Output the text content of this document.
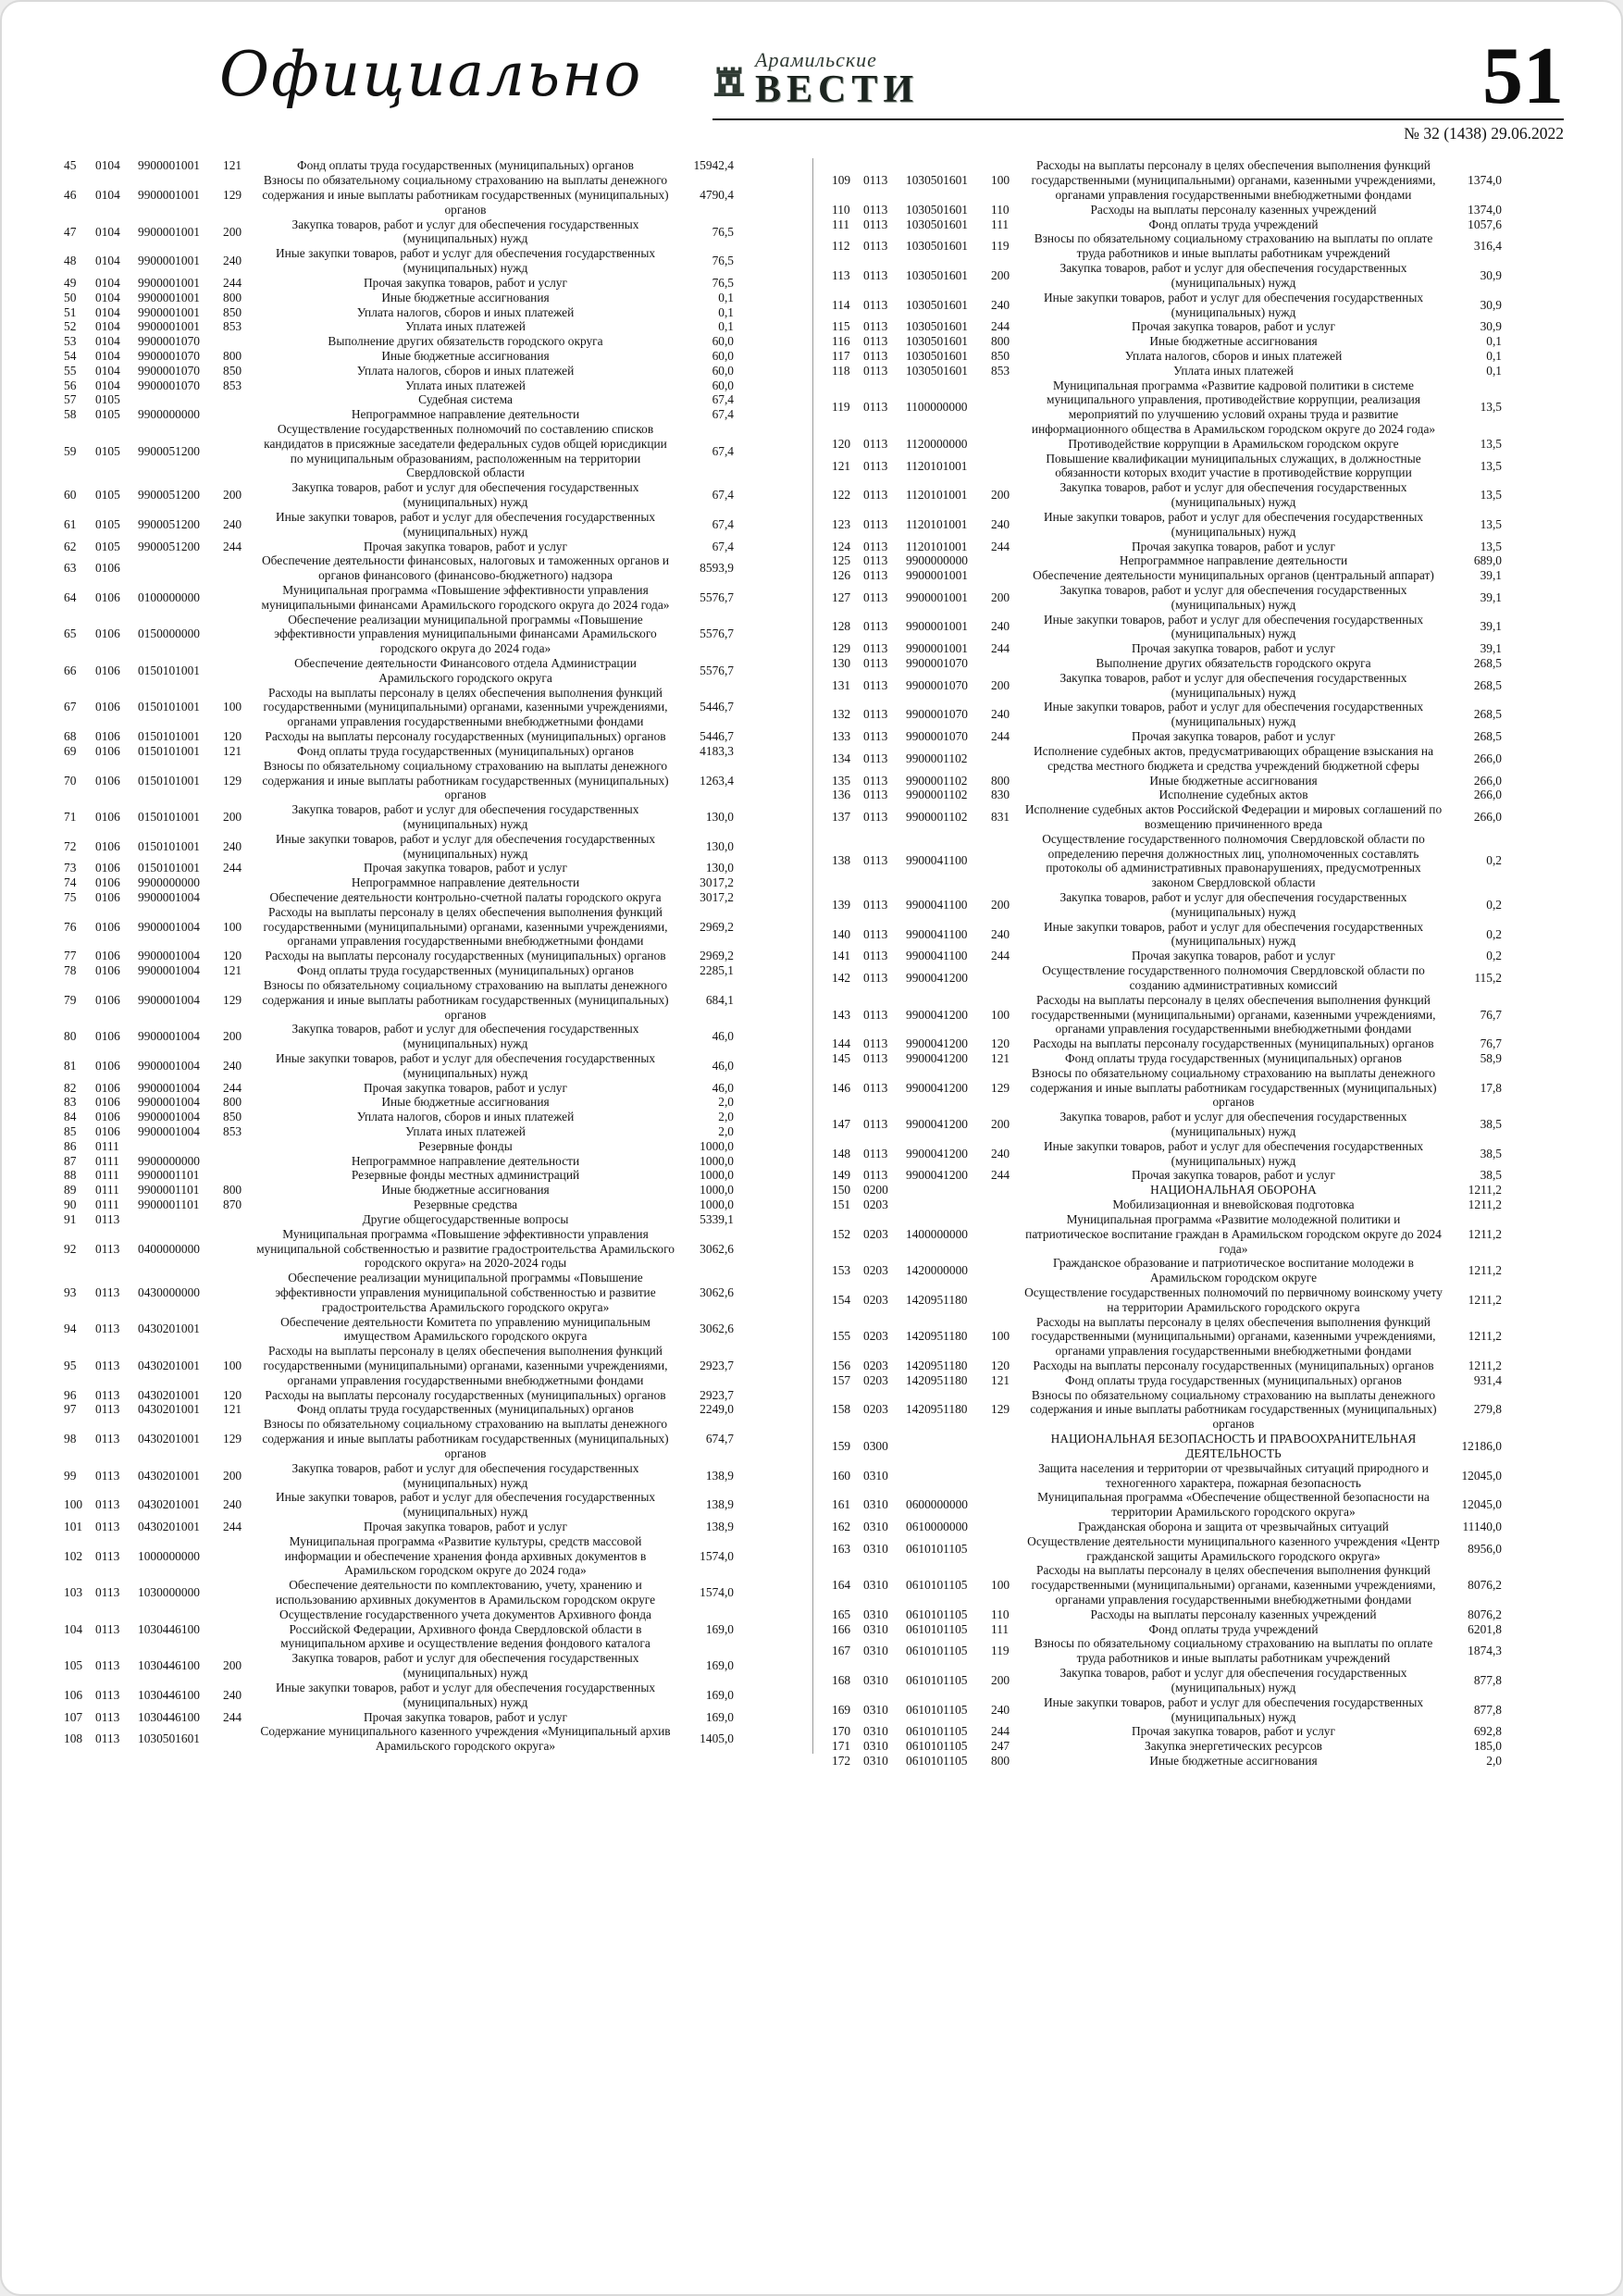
Официально	Арамильские
ВЕСТИ	51
№ 32 (1438) 29.06.2022
45	0104	9900001001	121	Фонд оплаты труда государственных (муниципальных) органов	15942,4
46	0104	9900001001	129	Взносы по обязательному социальному страхованию на выплаты денежного содержания и иные выплаты работникам государственных (муниципальных) органов	4790,4
47	0104	9900001001	200	Закупка товаров, работ и услуг для обеспечения государственных (муниципальных) нужд	76,5
48	0104	9900001001	240	Иные закупки товаров, работ и услуг для обеспечения государственных (муниципальных) нужд	76,5
49	0104	9900001001	244	Прочая закупка товаров, работ и услуг	76,5
50	0104	9900001001	800	Иные бюджетные ассигнования	0,1
51	0104	9900001001	850	Уплата налогов, сборов и иных платежей	0,1
52	0104	9900001001	853	Уплата иных платежей	0,1
53	0104	9900001070		Выполнение других обязательств городского округа	60,0
54	0104	9900001070	800	Иные бюджетные ассигнования	60,0
55	0104	9900001070	850	Уплата налогов, сборов и иных платежей	60,0
56	0104	9900001070	853	Уплата иных платежей	60,0
57	0105			Судебная система	67,4
58	0105	9900000000		Непрограммное направление деятельности	67,4
59	0105	9900051200		Осуществление государственных полномочий по составлению списков кандидатов в присяжные заседатели федеральных судов общей юрисдикции по муниципальным образованиям, расположенным на территории Свердловской области	67,4
60	0105	9900051200	200	Закупка товаров, работ и услуг для обеспечения государственных (муниципальных) нужд	67,4
61	0105	9900051200	240	Иные закупки товаров, работ и услуг для обеспечения государственных (муниципальных) нужд	67,4
62	0105	9900051200	244	Прочая закупка товаров, работ и услуг	67,4
63	0106			Обеспечение деятельности финансовых, налоговых и таможенных органов и органов финансового (финансово-бюджетного) надзора	8593,9
64	0106	0100000000		Муниципальная программа «Повышение эффективности управления муниципальными финансами Арамильского городского округа до 2024 года»	5576,7
65	0106	0150000000		Обеспечение реализации муниципальной программы «Повышение эффективности управления муниципальными финансами Арамильского городского округа до 2024 года»	5576,7
66	0106	0150101001		Обеспечение деятельности Финансового отдела Администрации Арамильского городского округа	5576,7
67	0106	0150101001	100	Расходы на выплаты персоналу в целях обеспечения выполнения функций государственными (муниципальными) органами, казенными учреждениями, органами управления государственными внебюджетными фондами	5446,7
68	0106	0150101001	120	Расходы на выплаты персоналу государственных (муниципальных) органов	5446,7
69	0106	0150101001	121	Фонд оплаты труда государственных (муниципальных) органов	4183,3
70	0106	0150101001	129	Взносы по обязательному социальному страхованию на выплаты денежного содержания и иные выплаты работникам государственных (муниципальных) органов	1263,4
71	0106	0150101001	200	Закупка товаров, работ и услуг для обеспечения государственных (муниципальных) нужд	130,0
72	0106	0150101001	240	Иные закупки товаров, работ и услуг для обеспечения государственных (муниципальных) нужд	130,0
73	0106	0150101001	244	Прочая закупка товаров, работ и услуг	130,0
74	0106	9900000000		Непрограммное направление деятельности	3017,2
75	0106	9900001004		Обеспечение деятельности контрольно-счетной палаты городского округа	3017,2
76	0106	9900001004	100	Расходы на выплаты персоналу в целях обеспечения выполнения функций государственными (муниципальными) органами, казенными учреждениями, органами управления государственными внебюджетными фондами	2969,2
77	0106	9900001004	120	Расходы на выплаты персоналу государственных (муниципальных) органов	2969,2
78	0106	9900001004	121	Фонд оплаты труда государственных (муниципальных) органов	2285,1
79	0106	9900001004	129	Взносы по обязательному социальному страхованию на выплаты денежного содержания и иные выплаты работникам государственных (муниципальных) органов	684,1
80	0106	9900001004	200	Закупка товаров, работ и услуг для обеспечения государственных (муниципальных) нужд	46,0
81	0106	9900001004	240	Иные закупки товаров, работ и услуг для обеспечения государственных (муниципальных) нужд	46,0
82	0106	9900001004	244	Прочая закупка товаров, работ и услуг	46,0
83	0106	9900001004	800	Иные бюджетные ассигнования	2,0
84	0106	9900001004	850	Уплата налогов, сборов и иных платежей	2,0
85	0106	9900001004	853	Уплата иных платежей	2,0
86	0111			Резервные фонды	1000,0
87	0111	9900000000		Непрограммное направление деятельности	1000,0
88	0111	9900001101		Резервные фонды местных администраций	1000,0
89	0111	9900001101	800	Иные бюджетные ассигнования	1000,0
90	0111	9900001101	870	Резервные средства	1000,0
91	0113			Другие общегосударственные вопросы	5339,1
92	0113	0400000000		Муниципальная программа «Повышение эффективности управления муниципальной собственностью и развитие градостроительства Арамильского городского округа» на 2020-2024 годы	3062,6
93	0113	0430000000		Обеспечение реализации муниципальной программы «Повышение эффективности управления муниципальной собственностью и развитие градостроительства Арамильского городского округа»	3062,6
94	0113	0430201001		Обеспечение деятельности Комитета по управлению муниципальным имуществом Арамильского городского округа	3062,6
95	0113	0430201001	100	Расходы на выплаты персоналу в целях обеспечения выполнения функций государственными (муниципальными) органами, казенными учреждениями, органами управления государственными внебюджетными фондами	2923,7
96	0113	0430201001	120	Расходы на выплаты персоналу государственных (муниципальных) органов	2923,7
97	0113	0430201001	121	Фонд оплаты труда государственных (муниципальных) органов	2249,0
98	0113	0430201001	129	Взносы по обязательному социальному страхованию на выплаты денежного содержания и иные выплаты работникам государственных (муниципальных) органов	674,7
99	0113	0430201001	200	Закупка товаров, работ и услуг для обеспечения государственных (муниципальных) нужд	138,9
100	0113	0430201001	240	Иные закупки товаров, работ и услуг для обеспечения государственных (муниципальных) нужд	138,9
101	0113	0430201001	244	Прочая закупка товаров, работ и услуг	138,9
102	0113	1000000000		Муниципальная программа «Развитие культуры, средств массовой информации и обеспечение хранения фонда архивных документов в Арамильском городском округе до 2024 года»	1574,0
103	0113	1030000000		Обеспечение деятельности по комплектованию, учету, хранению и использованию архивных документов в Арамильском городском округе	1574,0
104	0113	1030446100		Осуществление государственного учета документов Архивного фонда Российской Федерации, Архивного фонда Свердловской области в муниципальном архиве и осуществление ведения фондового каталога	169,0
105	0113	1030446100	200	Закупка товаров, работ и услуг для обеспечения государственных (муниципальных) нужд	169,0
106	0113	1030446100	240	Иные закупки товаров, работ и услуг для обеспечения государственных (муниципальных) нужд	169,0
107	0113	1030446100	244	Прочая закупка товаров, работ и услуг	169,0
108	0113	1030501601		Содержание муниципального казенного учреждения «Муниципальный архив Арамильского городского округа»	1405,0
109	0113	1030501601	100	Расходы на выплаты персоналу в целях обеспечения выполнения функций государственными (муниципальными) органами, казенными учреждениями, органами управления государственными внебюджетными фондами	1374,0
110	0113	1030501601	110	Расходы на выплаты персоналу казенных учреждений	1374,0
111	0113	1030501601	111	Фонд оплаты труда учреждений	1057,6
112	0113	1030501601	119	Взносы по обязательному социальному страхованию на выплаты по оплате труда работников и иные выплаты работникам учреждений	316,4
113	0113	1030501601	200	Закупка товаров, работ и услуг для обеспечения государственных (муниципальных) нужд	30,9
114	0113	1030501601	240	Иные закупки товаров, работ и услуг для обеспечения государственных (муниципальных) нужд	30,9
115	0113	1030501601	244	Прочая закупка товаров, работ и услуг	30,9
116	0113	1030501601	800	Иные бюджетные ассигнования	0,1
117	0113	1030501601	850	Уплата налогов, сборов и иных платежей	0,1
118	0113	1030501601	853	Уплата иных платежей	0,1
119	0113	1100000000		Муниципальная программа «Развитие кадровой политики в системе муниципального управления, противодействие коррупции, реализация мероприятий по улучшению условий охраны труда и развитие информационного общества в Арамильском городском округе до 2024 года»	13,5
120	0113	1120000000		Противодействие коррупции в Арамильском городском округе	13,5
121	0113	1120101001		Повышение квалификации муниципальных служащих, в должностные обязанности которых входит участие в противодействие коррупции	13,5
122	0113	1120101001	200	Закупка товаров, работ и услуг для обеспечения государственных (муниципальных) нужд	13,5
123	0113	1120101001	240	Иные закупки товаров, работ и услуг для обеспечения государственных (муниципальных) нужд	13,5
124	0113	1120101001	244	Прочая закупка товаров, работ и услуг	13,5
125	0113	9900000000		Непрограммное направление деятельности	689,0
126	0113	9900001001		Обеспечение деятельности муниципальных органов (центральный аппарат)	39,1
127	0113	9900001001	200	Закупка товаров, работ и услуг для обеспечения государственных (муниципальных) нужд	39,1
128	0113	9900001001	240	Иные закупки товаров, работ и услуг для обеспечения государственных (муниципальных) нужд	39,1
129	0113	9900001001	244	Прочая закупка товаров, работ и услуг	39,1
130	0113	9900001070		Выполнение других обязательств городского округа	268,5
131	0113	9900001070	200	Закупка товаров, работ и услуг для обеспечения государственных (муниципальных) нужд	268,5
132	0113	9900001070	240	Иные закупки товаров, работ и услуг для обеспечения государственных (муниципальных) нужд	268,5
133	0113	9900001070	244	Прочая закупка товаров, работ и услуг	268,5
134	0113	9900001102		Исполнение судебных актов, предусматривающих обращение взыскания на средства местного бюджета и средства учреждений бюджетной сферы	266,0
135	0113	9900001102	800	Иные бюджетные ассигнования	266,0
136	0113	9900001102	830	Исполнение судебных актов	266,0
137	0113	9900001102	831	Исполнение судебных актов Российской Федерации и мировых соглашений по возмещению причиненного вреда	266,0
138	0113	9900041100		Осуществление государственного полномочия Свердловской области по определению перечня должностных лиц, уполномоченных составлять протоколы об административных правонарушениях, предусмотренных законом Свердловской области	0,2
139	0113	9900041100	200	Закупка товаров, работ и услуг для обеспечения государственных (муниципальных) нужд	0,2
140	0113	9900041100	240	Иные закупки товаров, работ и услуг для обеспечения государственных (муниципальных) нужд	0,2
141	0113	9900041100	244	Прочая закупка товаров, работ и услуг	0,2
142	0113	9900041200		Осуществление государственного полномочия Свердловской области по созданию административных комиссий	115,2
143	0113	9900041200	100	Расходы на выплаты персоналу в целях обеспечения выполнения функций государственными (муниципальными) органами, казенными учреждениями, органами управления государственными внебюджетными фондами	76,7
144	0113	9900041200	120	Расходы на выплаты персоналу государственных (муниципальных) органов	76,7
145	0113	9900041200	121	Фонд оплаты труда государственных (муниципальных) органов	58,9
146	0113	9900041200	129	Взносы по обязательному социальному страхованию на выплаты денежного содержания и иные выплаты работникам государственных (муниципальных) органов	17,8
147	0113	9900041200	200	Закупка товаров, работ и услуг для обеспечения государственных (муниципальных) нужд	38,5
148	0113	9900041200	240	Иные закупки товаров, работ и услуг для обеспечения государственных (муниципальных) нужд	38,5
149	0113	9900041200	244	Прочая закупка товаров, работ и услуг	38,5
150	0200			НАЦИОНАЛЬНАЯ ОБОРОНА	1211,2
151	0203			Мобилизационная и вневойсковая подготовка	1211,2
152	0203	1400000000		Муниципальная программа «Развитие молодежной политики и патриотическое воспитание граждан в Арамильском городском округе до 2024 года»	1211,2
153	0203	1420000000		Гражданское образование и патриотическое воспитание молодежи в Арамильском городском округе	1211,2
154	0203	1420951180		Осуществление государственных полномочий по первичному воинскому учету на территории Арамильского городского округа	1211,2
155	0203	1420951180	100	Расходы на выплаты персоналу в целях обеспечения выполнения функций государственными (муниципальными) органами, казенными учреждениями, органами управления государственными внебюджетными фондами	1211,2
156	0203	1420951180	120	Расходы на выплаты персоналу государственных (муниципальных) органов	1211,2
157	0203	1420951180	121	Фонд оплаты труда государственных (муниципальных) органов	931,4
158	0203	1420951180	129	Взносы по обязательному социальному страхованию на выплаты денежного содержания и иные выплаты работникам государственных (муниципальных) органов	279,8
159	0300			НАЦИОНАЛЬНАЯ БЕЗОПАСНОСТЬ И ПРАВООХРАНИТЕЛЬНАЯ ДЕЯТЕЛЬНОСТЬ	12186,0
160	0310			Защита населения и территории от чрезвычайных ситуаций природного и техногенного характера, пожарная безопасность	12045,0
161	0310	0600000000		Муниципальная программа «Обеспечение общественной безопасности на территории Арамильского городского округа»	12045,0
162	0310	0610000000		Гражданская оборона и защита от чрезвычайных ситуаций	11140,0
163	0310	0610101105		Осуществление деятельности муниципального казенного учреждения «Центр гражданской защиты Арамильского городского округа»	8956,0
164	0310	0610101105	100	Расходы на выплаты персоналу в целях обеспечения выполнения функций государственными (муниципальными) органами, казенными учреждениями, органами управления государственными внебюджетными фондами	8076,2
165	0310	0610101105	110	Расходы на выплаты персоналу казенных учреждений	8076,2
166	0310	0610101105	111	Фонд оплаты труда учреждений	6201,8
167	0310	0610101105	119	Взносы по обязательному социальному страхованию на выплаты по оплате труда работников и иные выплаты работникам учреждений	1874,3
168	0310	0610101105	200	Закупка товаров, работ и услуг для обеспечения государственных (муниципальных) нужд	877,8
169	0310	0610101105	240	Иные закупки товаров, работ и услуг для обеспечения государственных (муниципальных) нужд	877,8
170	0310	0610101105	244	Прочая закупка товаров, работ и услуг	692,8
171	0310	0610101105	247	Закупка энергетических ресурсов	185,0
172	0310	0610101105	800	Иные бюджетные ассигнования	2,0
